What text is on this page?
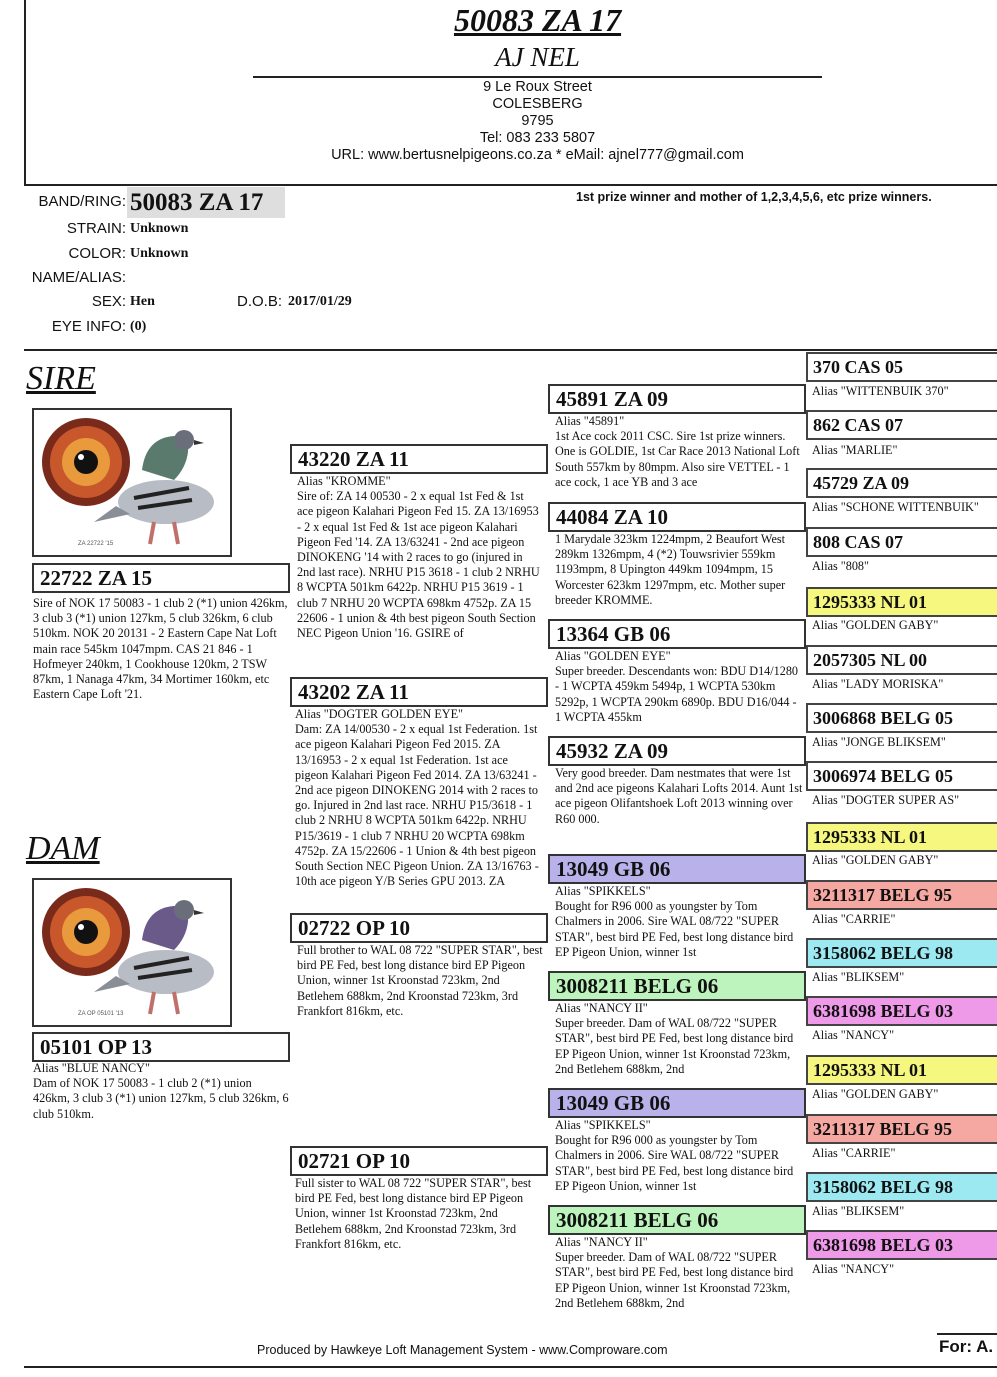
50083 ZA 17
AJ NEL
9 Le Roux Street
COLESBERG
9795
Tel: 083 233 5807
URL: www.bertusnelpigeons.co.za * eMail: ajnel777@gmail.com
BAND/RING: 50083 ZA 17	1st prize winner and mother of 1,2,3,4,5,6, etc prize winners.
STRAIN: Unknown
COLOR: Unknown
NAME/ALIAS:
SEX: Hen	D.O.B: 2017/01/29
EYE INFO: (0)
SIRE
ZA 22722 '15
22722 ZA 15
Sire of NOK 17 50083 - 1 club 2 (*1) union 426km, 3 club 3 (*1) union 127km, 5 club 326km, 6 club 510km. NOK 20 20131 - 2 Eastern Cape Nat Loft main race 545km 1047mpm. CAS 21 846 - 1 Hofmeyer 240km, 1 Cookhouse 120km, 2 TSW 87km, 1 Nanaga 47km, 34 Mortimer 160km, etc Eastern Cape Loft '21.
DAM
ZA OP 05101 '13
05101 OP 13
Alias "BLUE NANCY"
Dam of NOK 17 50083 - 1 club 2 (*1) union 426km, 3 club 3 (*1) union 127km, 5 club 326km, 6 club 510km.
43220 ZA 11
Alias "KROMME"
Sire of: ZA 14 00530 - 2 x equal 1st Fed & 1st ace pigeon Kalahari Pigeon Fed 15. ZA 13/16953 - 2 x equal 1st Fed & 1st ace pigeon Kalahari Pigeon Fed '14. ZA 13/63241 - 2nd ace pigeon DINOKENG '14 with 2 races to go (injured in 2nd last race). NRHU P15 3618 - 1 club 2 NRHU 8 WCPTA 501km 6422p. NRHU P15 3619 - 1 club 7 NRHU 20 WCPTA 698km 4752p. ZA 15 22606 - 1 union & 4th best pigeon South Section NEC Pigeon Union '16. GSIRE of
43202 ZA 11
Alias "DOGTER GOLDEN EYE"
Dam: ZA 14/00530 - 2 x equal 1st Federation. 1st ace pigeon Kalahari Pigeon Fed 2015. ZA 13/16953 - 2 x equal 1st Federation. 1st ace pigeon Kalahari Pigeon Fed 2014. ZA 13/63241 - 2nd ace pigeon DINOKENG 2014 with 2 races to go. Injured in 2nd last race. NRHU P15/3618 - 1 club 2 NRHU 8 WCPTA 501km 6422p. NRHU P15/3619 - 1 club 7 NRHU 20 WCPTA 698km 4752p. ZA 15/22606 - 1 Union & 4th best pigeon South Section NEC Pigeon Union. ZA 13/16763 - 10th ace pigeon Y/B Series GPU 2013. ZA
02722 OP 10
Full brother to WAL 08 722 "SUPER STAR", best bird PE Fed, best long distance bird EP Pigeon Union, winner 1st Kroonstad 723km, 2nd Betlehem 688km, 2nd Kroonstad 723km, 3rd Frankfort 816km, etc.
02721 OP 10
Full sister to WAL 08 722 "SUPER STAR", best bird PE Fed, best long distance bird EP Pigeon Union, winner 1st Kroonstad 723km, 2nd Betlehem 688km, 2nd Kroonstad 723km, 3rd Frankfort 816km, etc.
45891 ZA 09
Alias "45891"
1st Ace cock 2011 CSC. Sire 1st prize winners. One is GOLDIE, 1st Car Race 2013 National Loft South 557km by 80mpm. Also sire VETTEL - 1 ace cock, 1 ace YB and 3 ace
44084 ZA 10
1 Marydale 323km 1224mpm, 2 Beaufort West 289km 1326mpm, 4 (*2) Touwsrivier 559km 1193mpm, 8 Upington 449km 1094mpm, 15 Worcester 623km 1297mpm, etc. Mother super breeder KROMME.
13364 GB 06
Alias "GOLDEN EYE"
Super breeder. Descendants won: BDU D14/1280 - 1 WCPTA 459km 5494p, 1 WCPTA 530km 5292p, 1 WCPTA 290km 6890p. BDU D16/044 - 1 WCPTA 455km
45932 ZA 09
Very good breeder. Dam nestmates that were 1st and 2nd ace pigeons Kalahari Lofts 2014. Aunt 1st ace pigeon Olifantshoek Loft 2013 winning over R60 000.
13049 GB 06
Alias "SPIKKELS"
Bought for R96 000 as youngster by Tom Chalmers in 2006. Sire WAL 08/722 "SUPER STAR", best bird PE Fed, best long distance bird EP Pigeon Union, winner 1st
3008211 BELG 06
Alias "NANCY II"
Super breeder. Dam of WAL 08/722 "SUPER STAR", best bird PE Fed, best long distance bird EP Pigeon Union, winner 1st Kroonstad 723km, 2nd Betlehem 688km, 2nd
13049 GB 06
Alias "SPIKKELS"
Bought for R96 000 as youngster by Tom Chalmers in 2006. Sire WAL 08/722 "SUPER STAR", best bird PE Fed, best long distance bird EP Pigeon Union, winner 1st
3008211 BELG 06
Alias "NANCY II"
Super breeder. Dam of WAL 08/722 "SUPER STAR", best bird PE Fed, best long distance bird EP Pigeon Union, winner 1st Kroonstad 723km, 2nd Betlehem 688km, 2nd
370 CAS 05
Alias "WITTENBUIK 370"
862 CAS 07
Alias "MARLIE"
45729 ZA 09
Alias "SCHONE WITTENBUIK"
808 CAS 07
Alias "808"
1295333 NL 01
Alias "GOLDEN GABY"
2057305 NL 00
Alias "LADY MORISKA"
3006868 BELG 05
Alias "JONGE BLIKSEM"
3006974 BELG 05
Alias "DOGTER SUPER AS"
1295333 NL 01
Alias "GOLDEN GABY"
3211317 BELG 95
Alias "CARRIE"
3158062 BELG 98
Alias "BLIKSEM"
6381698 BELG 03
Alias "NANCY"
1295333 NL 01
Alias "GOLDEN GABY"
3211317 BELG 95
Alias "CARRIE"
3158062 BELG 98
Alias "BLIKSEM"
6381698 BELG 03
Alias "NANCY"
Produced by Hawkeye Loft Management System - www.Comproware.com	For: A.
